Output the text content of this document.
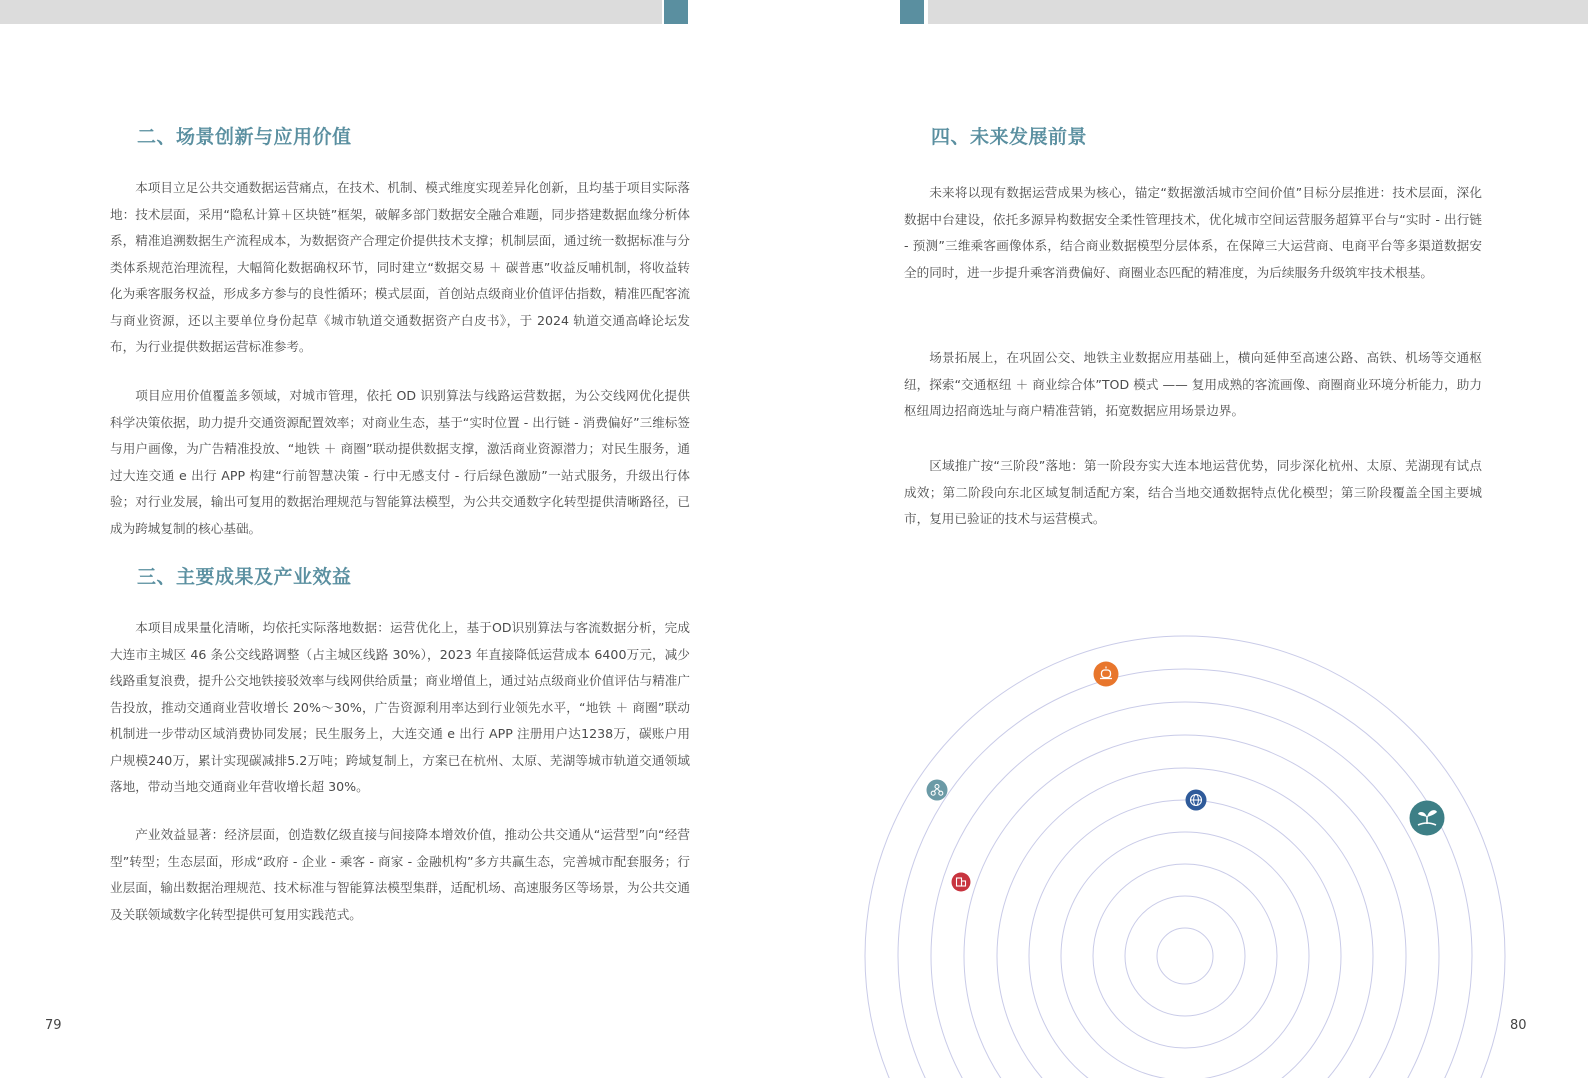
二、场景创新与应用价值

本项目立足公共交通数据运营痛点，在技术、机制、模式维度实现差异化创新，且均基于项目实际落地：技术层面，采用“隐私计算＋区块链”框架，破解多部门数据安全融合难题，同步搭建数据血缘分析体系，精准追溯数据生产流程成本，为数据资产合理定价提供技术支撑；机制层面，通过统一数据标准与分类体系规范治理流程，大幅简化数据确权环节，同时建立“数据交易 ＋ 碳普惠”收益反哺机制，将收益转化为乘客服务权益，形成多方参与的良性循环；模式层面，首创站点级商业价值评估指数，精准匹配客流与商业资源，还以主要单位身份起草《城市轨道交通数据资产白皮书》，于 2024 轨道交通高峰论坛发布，为行业提供数据运营标准参考。

项目应用价值覆盖多领域，对城市管理，依托 OD 识别算法与线路运营数据，为公交线网优化提供科学决策依据，助力提升交通资源配置效率；对商业生态，基于“实时位置 - 出行链 - 消费偏好”三维标签与用户画像，为广告精准投放、“地铁 ＋ 商圈”联动提供数据支撑，激活商业资源潜力；对民生服务，通过大连交通 e 出行 APP 构建“行前智慧决策 - 行中无感支付 - 行后绿色激励”一站式服务，升级出行体验；对行业发展，输出可复用的数据治理规范与智能算法模型，为公共交通数字化转型提供清晰路径，已成为跨城复制的核心基础。

三、主要成果及产业效益

本项目成果量化清晰，均依托实际落地数据：运营优化上，基于OD识别算法与客流数据分析，完成大连市主城区 46 条公交线路调整（占主城区线路 30%），2023 年直接降低运营成本 6400万元，减少线路重复浪费，提升公交地铁接驳效率与线网供给质量；商业增值上，通过站点级商业价值评估与精准广告投放，推动交通商业营收增长 20%～30%，广告资源利用率达到行业领先水平，“地铁 ＋ 商圈”联动机制进一步带动区域消费协同发展；民生服务上，大连交通 e 出行 APP 注册用户达1238万，碳账户用户规模240万，累计实现碳减排5.2万吨；跨域复制上，方案已在杭州、太原、芜湖等城市轨道交通领域落地，带动当地交通商业年营收增长超 30%。

产业效益显著：经济层面，创造数亿级直接与间接降本增效价值，推动公共交通从“运营型”向“经营型”转型；生态层面，形成“政府 - 企业 - 乘客 - 商家 - 金融机构”多方共赢生态，完善城市配套服务；行业层面，输出数据治理规范、技术标准与智能算法模型集群，适配机场、高速服务区等场景，为公共交通及关联领域数字化转型提供可复用实践范式。

79
四、未来发展前景

未来将以现有数据运营成果为核心，锚定“数据激活城市空间价值”目标分层推进：技术层面，深化数据中台建设，依托多源异构数据安全柔性管理技术，优化城市空间运营服务超算平台与“实时 - 出行链 - 预测”三维乘客画像体系，结合商业数据模型分层体系，在保障三大运营商、电商平台等多渠道数据安全的同时，进一步提升乘客消费偏好、商圈业态匹配的精准度，为后续服务升级筑牢技术根基。

场景拓展上，在巩固公交、地铁主业数据应用基础上，横向延伸至高速公路、高铁、机场等交通枢纽，探索“交通枢纽 ＋ 商业综合体”TOD 模式 —— 复用成熟的客流画像、商圈商业环境分析能力，助力枢纽周边招商选址与商户精准营销，拓宽数据应用场景边界。

区域推广按“三阶段”落地：第一阶段夯实大连本地运营优势，同步深化杭州、太原、芜湖现有试点成效；第二阶段向东北区域复制适配方案，结合当地交通数据特点优化模型；第三阶段覆盖全国主要城市，复用已验证的技术与运营模式。

80
